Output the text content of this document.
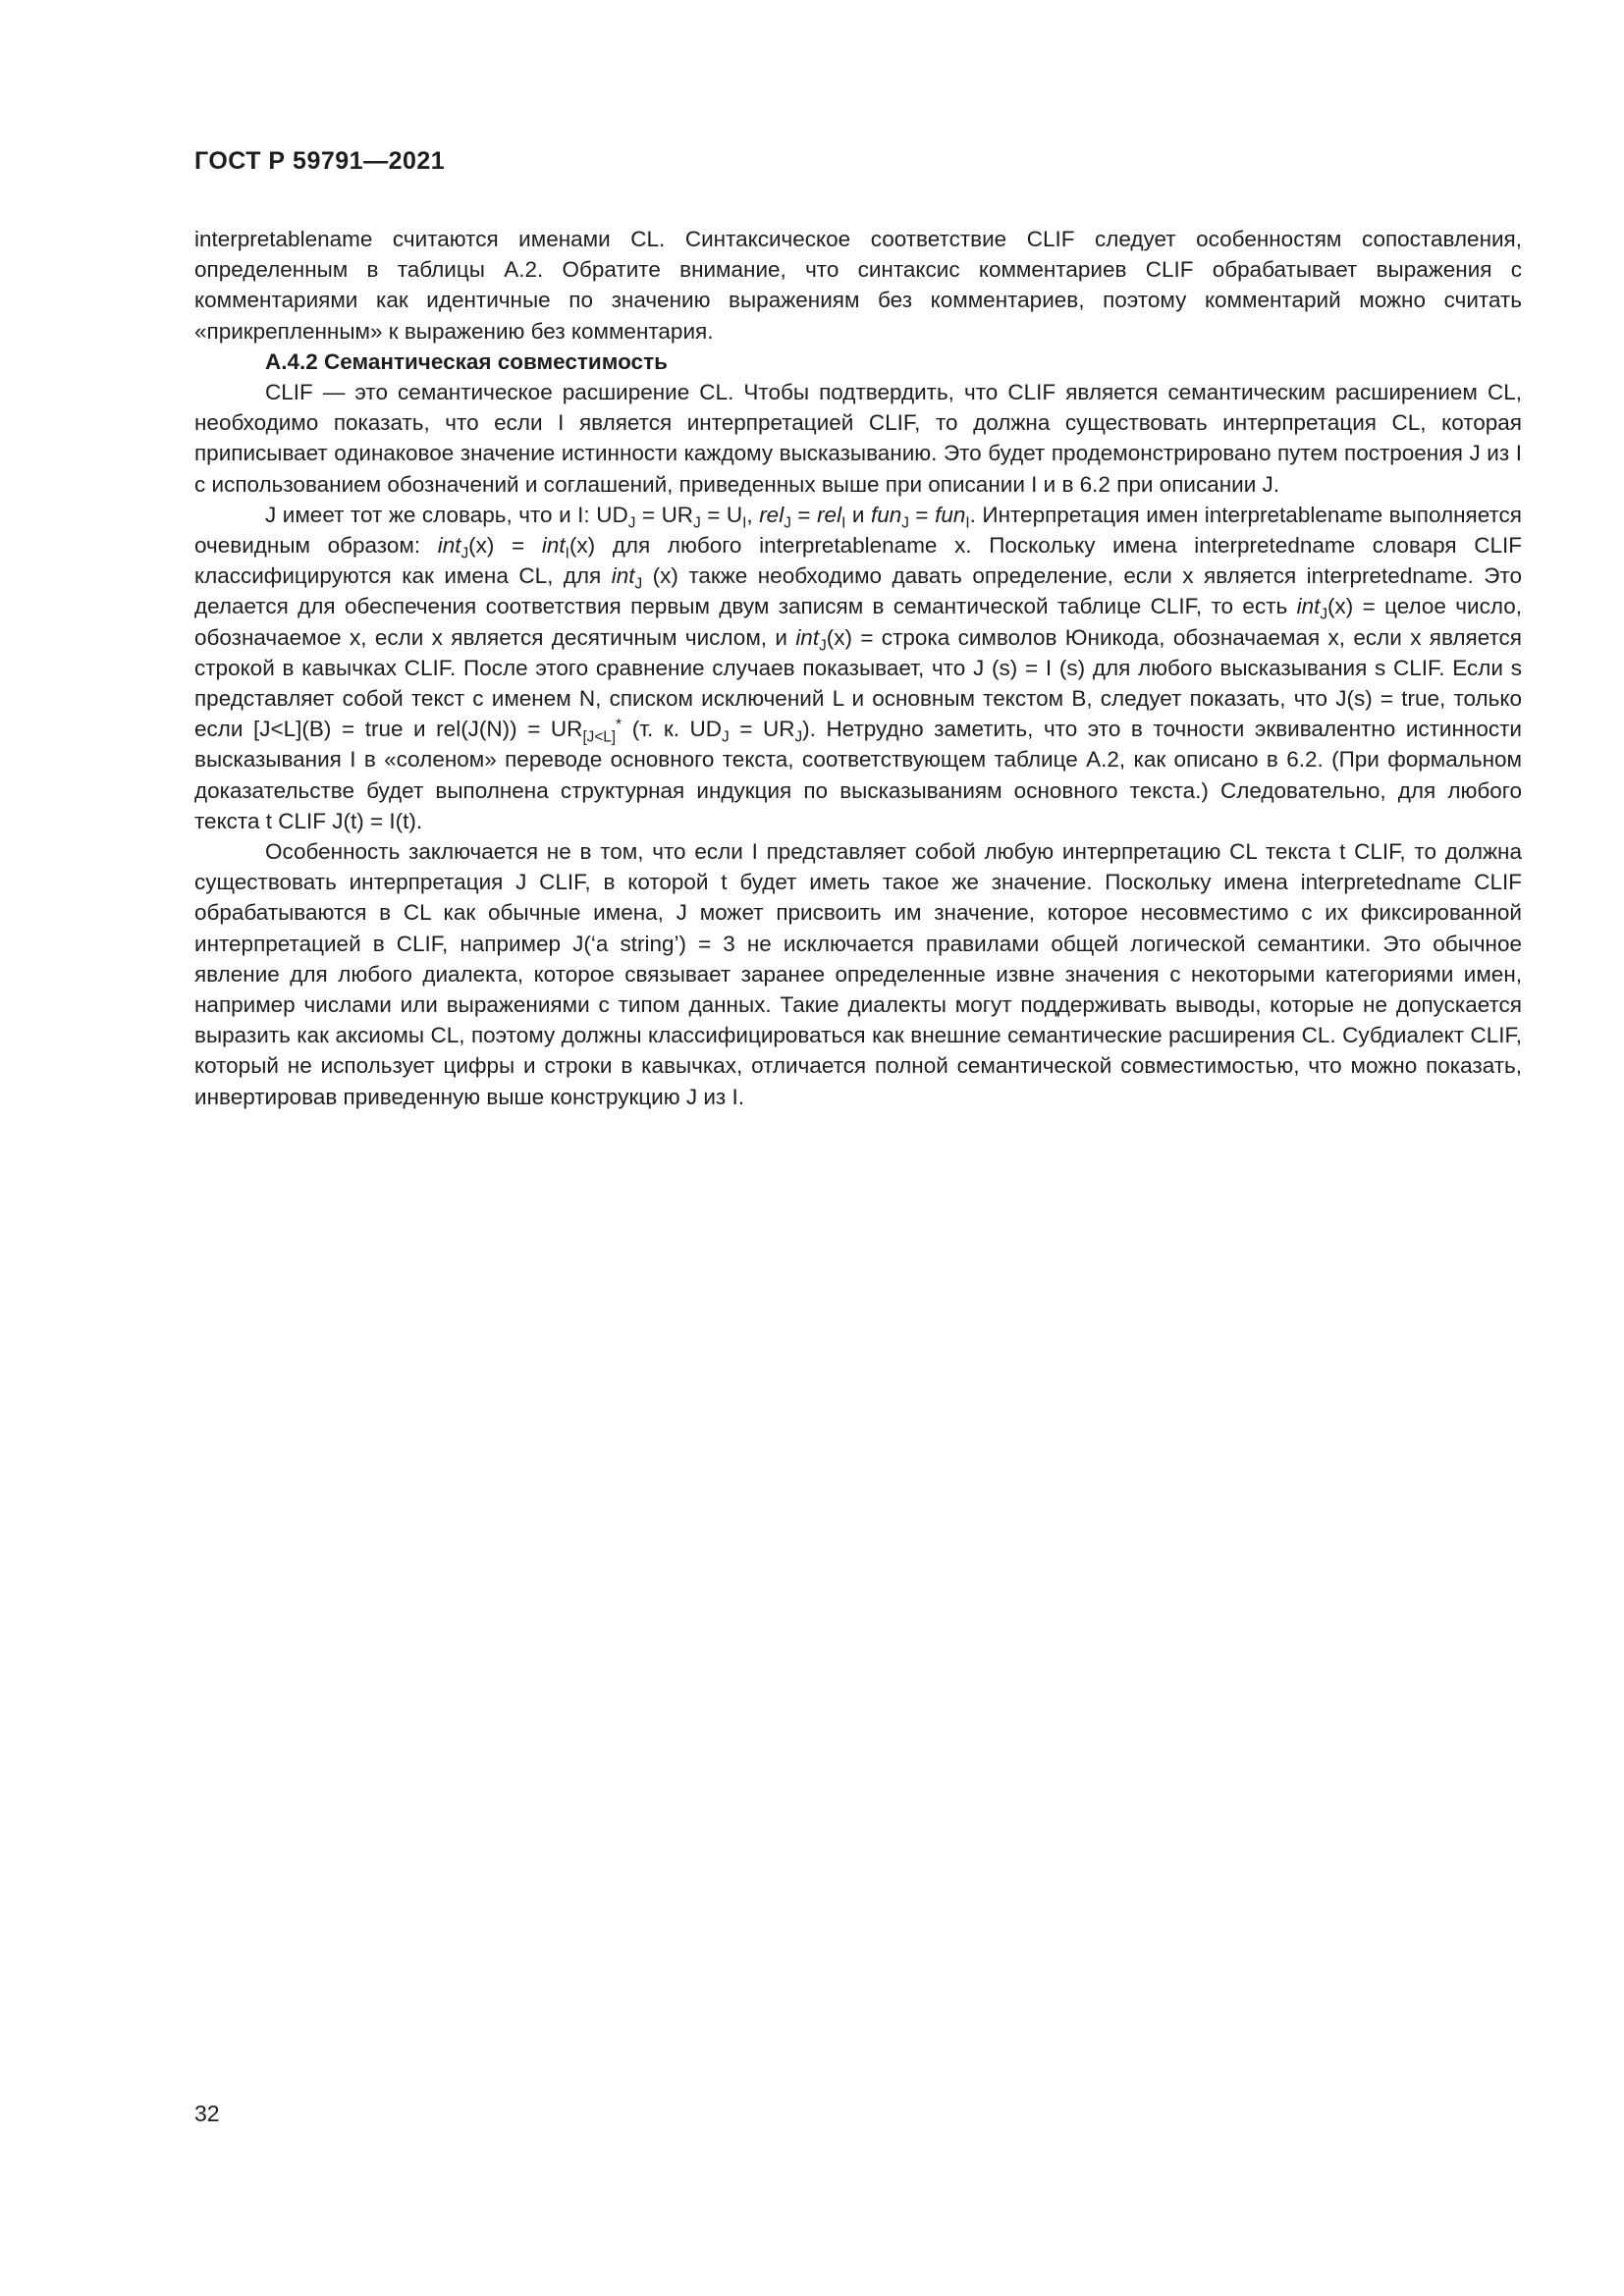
ГОСТ Р 59791—2021

interpretablename считаются именами CL. Синтаксическое соответствие CLIF следует особенностям сопоставления, определенным в таблицы А.2. Обратите внимание, что синтаксис комментариев CLIF обрабатывает выражения с комментариями как идентичные по значению выражениям без комментариев, поэтому комментарий можно считать «прикрепленным» к выражению без комментария.

А.4.2 Семантическая совместимость

CLIF — это семантическое расширение CL. Чтобы подтвердить, что CLIF является семантическим расширением CL, необходимо показать, что если I является интерпретацией CLIF, то должна существовать интерпретация CL, которая приписывает одинаковое значение истинности каждому высказыванию. Это будет продемонстрировано путем построения J из I с использованием обозначений и соглашений, приведенных выше при описании I и в 6.2 при описании J.

J имеет тот же словарь, что и I: $UD_J = UR_J = U_I$, rel$_J$ = rel$_I$ и fun$_J$ = fun$_I$. Интерпретация имен interpretablename выполняется очевидным образом: int$_J$(x) = int$_I$(x) для любого interpretablename x. Поскольку имена interpretedname словаря CLIF классифицируются как имена CL, для int$_J$ (x) также необходимо давать определение, если x является interpretedname. Это делается для обеспечения соответствия первым двум записям в семантической таблице CLIF, то есть int$_J$(x) = целое число, обозначаемое x, если x является десятичным числом, и int$_J$(x) = строка символов Юникода, обозначаемая x, если x является строкой в кавычках CLIF. После этого сравнение случаев показывает, что J (s) = I (s) для любого высказывания s CLIF. Если s представляет собой текст с именем N, списком исключений L и основным текстом B, следует показать, что J(s) = true, только если [J<L](B) = true и $rel(J(N)) = UR_{[J<L]}^*$ (т. к. $UD_J = UR_J$). Нетрудно заметить, что это в точности эквивалентно истинности высказывания I в «соленом» переводе основного текста, соответствующем таблице А.2, как описано в 6.2. (При формальном доказательстве будет выполнена структурная индукция по высказываниям основного текста.) Следовательно, для любого текста t CLIF J(t) = I(t).

Особенность заключается не в том, что если I представляет собой любую интерпретацию CL текста t CLIF, то должна существовать интерпретация J CLIF, в которой t будет иметь такое же значение. Поскольку имена interpretedname CLIF обрабатываются в CL как обычные имена, J может присвоить им значение, которое несовместимо с их фиксированной интерпретацией в CLIF, например J(‘a string’) = 3 не исключается правилами общей логической семантики. Это обычное явление для любого диалекта, которое связывает заранее определенные извне значения с некоторыми категориями имен, например числами или выражениями с типом данных. Такие диалекты могут поддерживать выводы, которые не допускается выразить как аксиомы CL, поэтому должны классифицироваться как внешние семантические расширения CL. Субдиалект CLIF, который не использует цифры и строки в кавычках, отличается полной семантической совместимостью, что можно показать, инвертировав приведенную выше конструкцию J из I.

32
